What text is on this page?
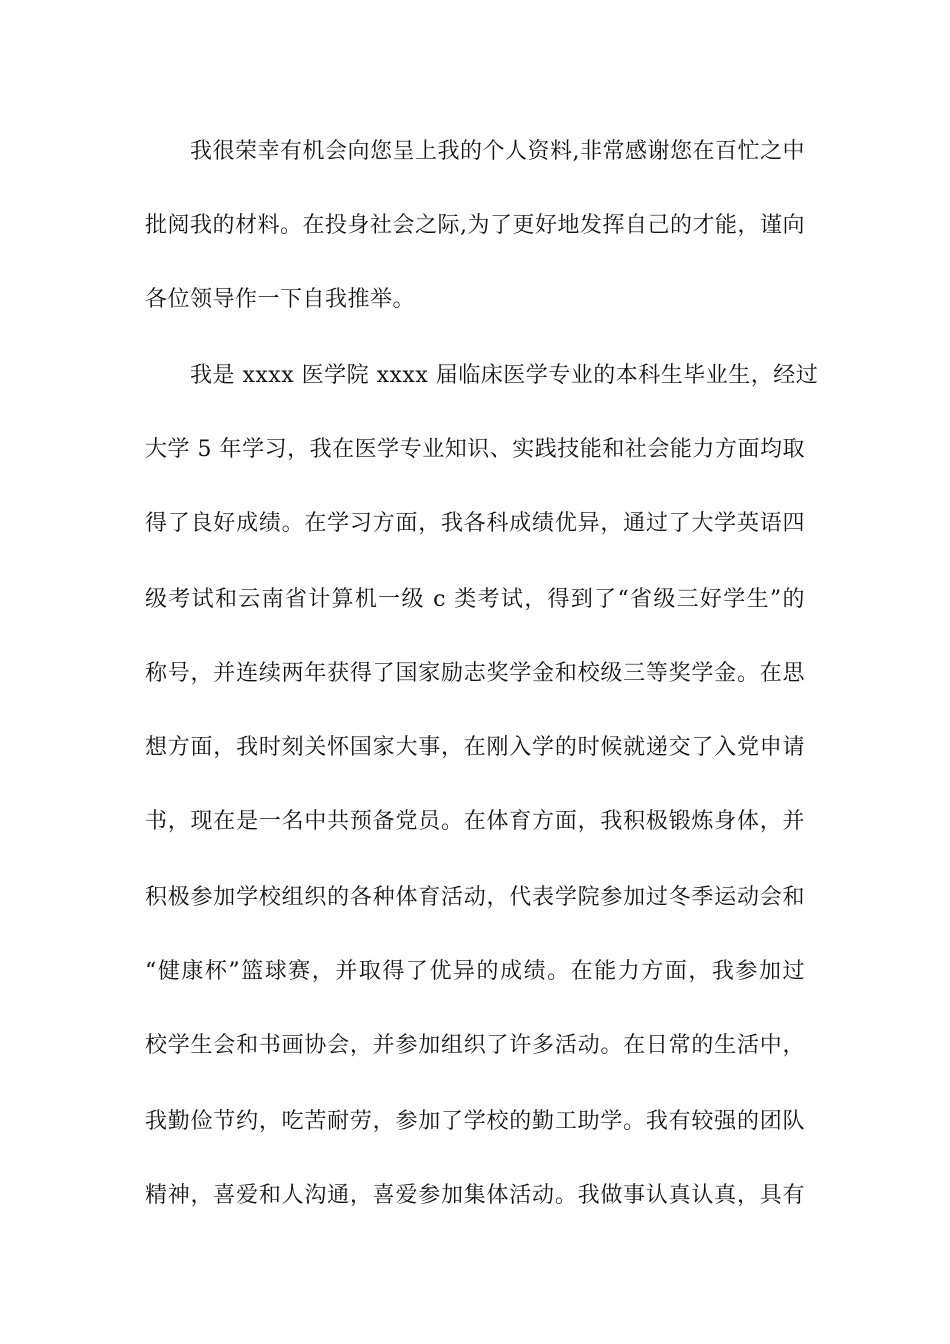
我很荣幸有机会向您呈上我的个人资料,非常感谢您在百忙之中
批阅我的材料。在投身社会之际,为了更好地发挥自己的才能，谨向
各位领导作一下自我推举。
我是 xxxx 医学院 xxxx 届临床医学专业的本科生毕业生，经过
大学 5 年学习，我在医学专业知识、实践技能和社会能力方面均取
得了良好成绩。在学习方面，我各科成绩优异，通过了大学英语四
级考试和云南省计算机一级 c 类考试，得到了“省级三好学生”的
称号，并连续两年获得了国家励志奖学金和校级三等奖学金。在思
想方面，我时刻关怀国家大事，在刚入学的时候就递交了入党申请
书，现在是一名中共预备党员。在体育方面，我积极锻炼身体，并
积极参加学校组织的各种体育活动，代表学院参加过冬季运动会和
“健康杯”篮球赛，并取得了优异的成绩。在能力方面，我参加过
校学生会和书画协会，并参加组织了许多活动。在日常的生活中，
我勤俭节约，吃苦耐劳，参加了学校的勤工助学。我有较强的团队
精神，喜爱和人沟通，喜爱参加集体活动。我做事认真认真，具有
